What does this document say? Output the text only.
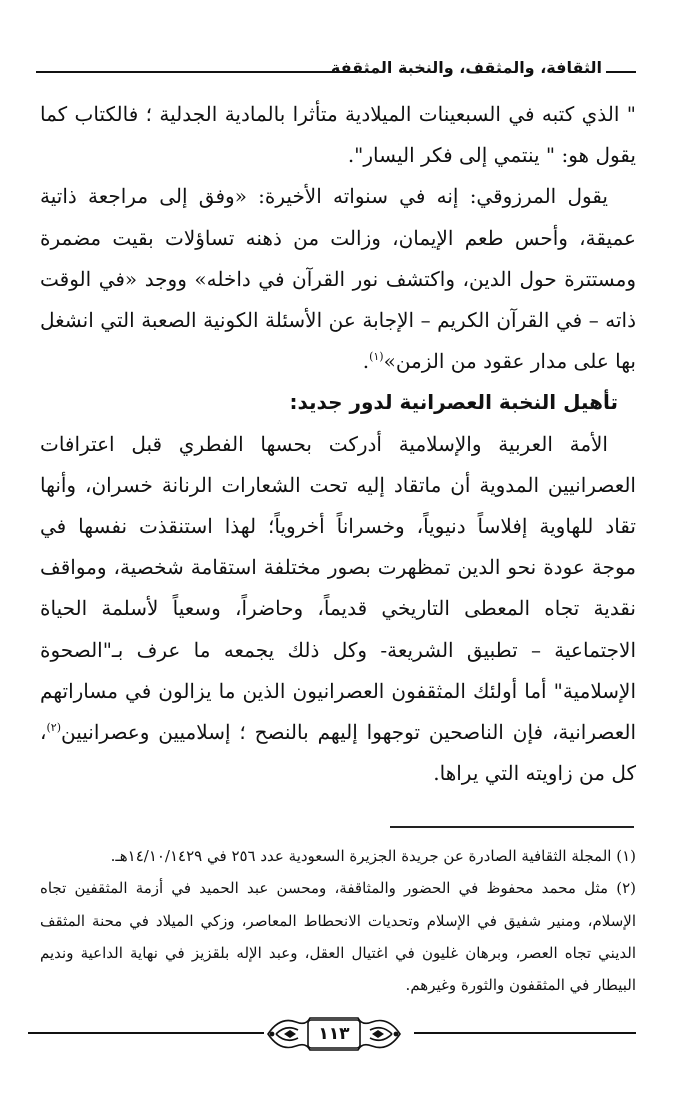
الثقافة، والمثقف، والنخبة المثقفة

" الذي كتبه في السبعينات الميلادية متأثرا بالمادية الجدلية ؛ فالكتاب كما يقول هو: " ينتمي إلى فكر اليسار".

يقول المرزوقي: إنه في سنواته الأخيرة: «وفق إلى مراجعة ذاتية عميقة، وأحس طعم الإيمان، وزالت من ذهنه تساؤلات بقيت مضمرة ومستترة حول الدين، واكتشف نور القرآن في داخله» ووجد «في الوقت ذاته – في القرآن الكريم – الإجابة عن الأسئلة الكونية الصعبة التي انشغل بها على مدار عقود من الزمن»$^{(١)}$.

تأهيل النخبة العصرانية لدور جديد:

الأمة العربية والإسلامية أدركت بحسها الفطري قبل اعترافات العصرانيين المدوية أن ماتقاد إليه تحت الشعارات الرنانة خسران، وأنها تقاد للهاوية إفلاساً دنيوياً، وخسراناً أخروياً؛ لهذا استنقذت نفسها في موجة عودة نحو الدين تمظهرت بصور مختلفة استقامة شخصية، ومواقف نقدية تجاه المعطى التاريخي قديماً، وحاضراً، وسعياً لأسلمة الحياة الاجتماعية – تطبيق الشريعة- وكل ذلك يجمعه ما عرف بـ"الصحوة الإسلامية" أما أولئك المثقفون العصرانيون الذين ما يزالون في مساراتهم العصرانية، فإن الناصحين توجهوا إليهم بالنصح ؛ إسلاميين وعصرانيين$^{(٢)}$، كل من زاويته التي يراها.

(١) المجلة الثقافية الصادرة عن جريدة الجزيرة السعودية عدد ٢٥٦ في ١٤/١٠/١٤٢٩هـ.

(٢) مثل محمد محفوظ في الحضور والمثاقفة، ومحسن عبد الحميد في أزمة المثقفين تجاه الإسلام، ومنير شفيق في الإسلام وتحديات الانحطاط المعاصر، وزكي الميلاد في محنة المثقف الديني تجاه العصر، وبرهان غليون في اغتيال العقل، وعبد الإله بلقزيز في نهاية الداعية ونديم البيطار في المثقفون والثورة وغيرهم.

١١٣
